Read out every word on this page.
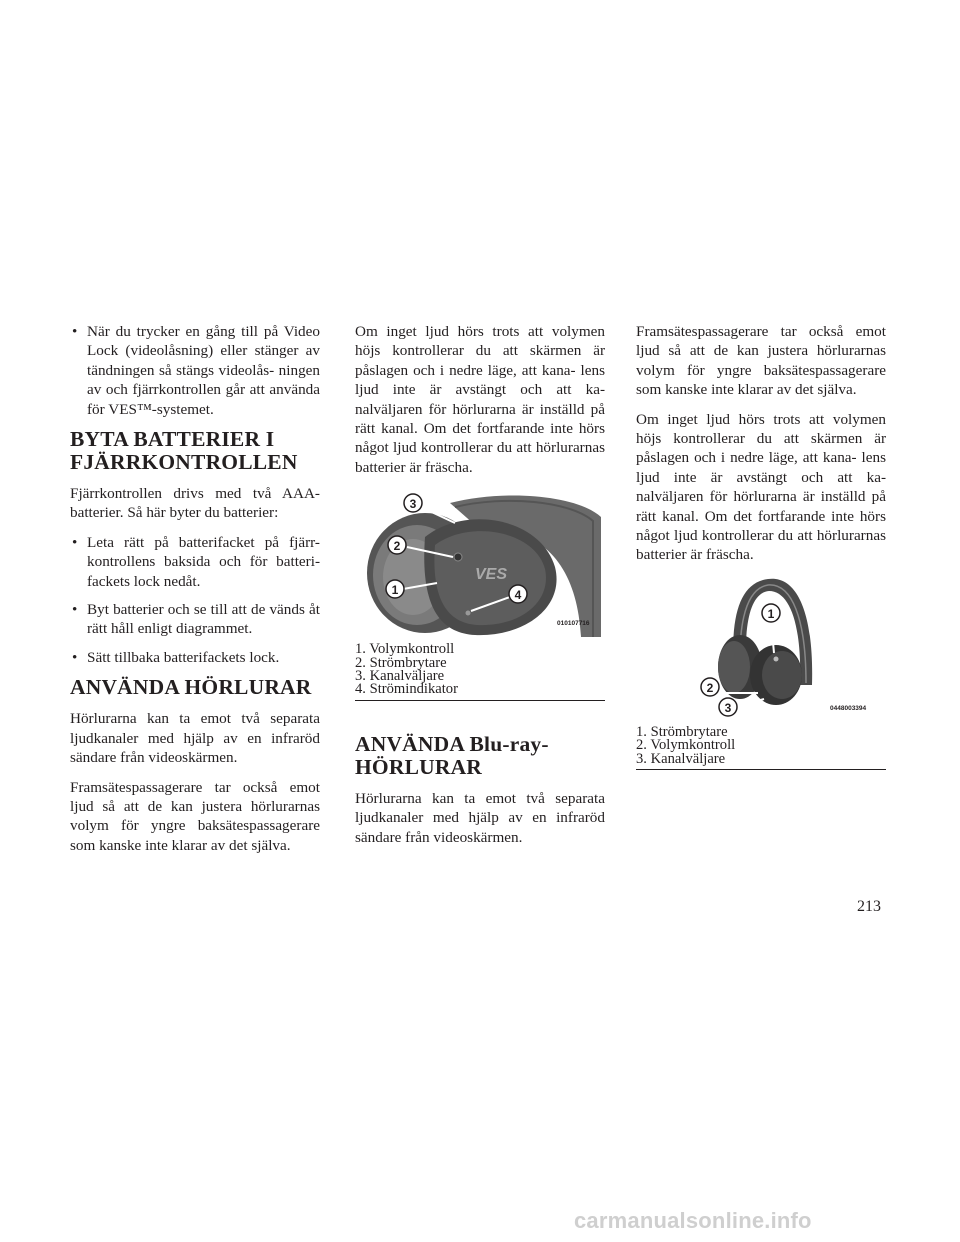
• När du trycker en gång till på Video Lock (videolåsning) eller stänger av tändningen så stängs videolås- ningen av och fjärrkontrollen går att använda för VES™-systemet.
BYTA BATTERIER I FJÄRRKONTROLLEN

Fjärrkontrollen drivs med två AAA- batterier. Så här byter du batterier:

• Leta rätt på batterifacket på fjärr- kontrollens baksida och för batteri- fackets lock nedåt.
• Byt batterier och se till att de vänds åt rätt håll enligt diagrammet.
• Sätt tillbaka batterifackets lock.
ANVÄNDA HÖRLURAR

Hörlurarna kan ta emot två separata ljudkanaler med hjälp av en infraröd sändare från videoskärmen.

Framsätespassagerare tar också emot ljud så att de kan justera hörlurarnas volym för yngre baksätespassagerare som kanske inte klarar av det själva.

Om inget ljud hörs trots att volymen höjs kontrollerar du att skärmen är påslagen och i nedre läge, att kana- lens ljud inte är avstängt och att ka- nalväljaren för hörlurarna är inställd på rätt kanal. Om det fortfarande inte hörs något ljud kontrollerar du att hörlurarnas batterier är fräscha.

VES
3
2
1	4
010107716
1. Volymkontroll
2. Strömbrytare
3. Kanalväljare
4. Strömindikator
ANVÄNDA Blu-ray- HÖRLURAR

Hörlurarna kan ta emot två separata ljudkanaler med hjälp av en infraröd sändare från videoskärmen.

Framsätespassagerare tar också emot ljud så att de kan justera hörlurarnas volym för yngre baksätespassagerare som kanske inte klarar av det själva.

Om inget ljud hörs trots att volymen höjs kontrollerar du att skärmen är påslagen och i nedre läge, att kana- lens ljud inte är avstängt och att ka- nalväljaren för hörlurarna är inställd på rätt kanal. Om det fortfarande inte hörs något ljud kontrollerar du att hörlurarnas batterier är fräscha.

1
2
3	0448003394
1. Strömbrytare
2. Volymkontroll
3. Kanalväljare
213
carmanualsonline.info
